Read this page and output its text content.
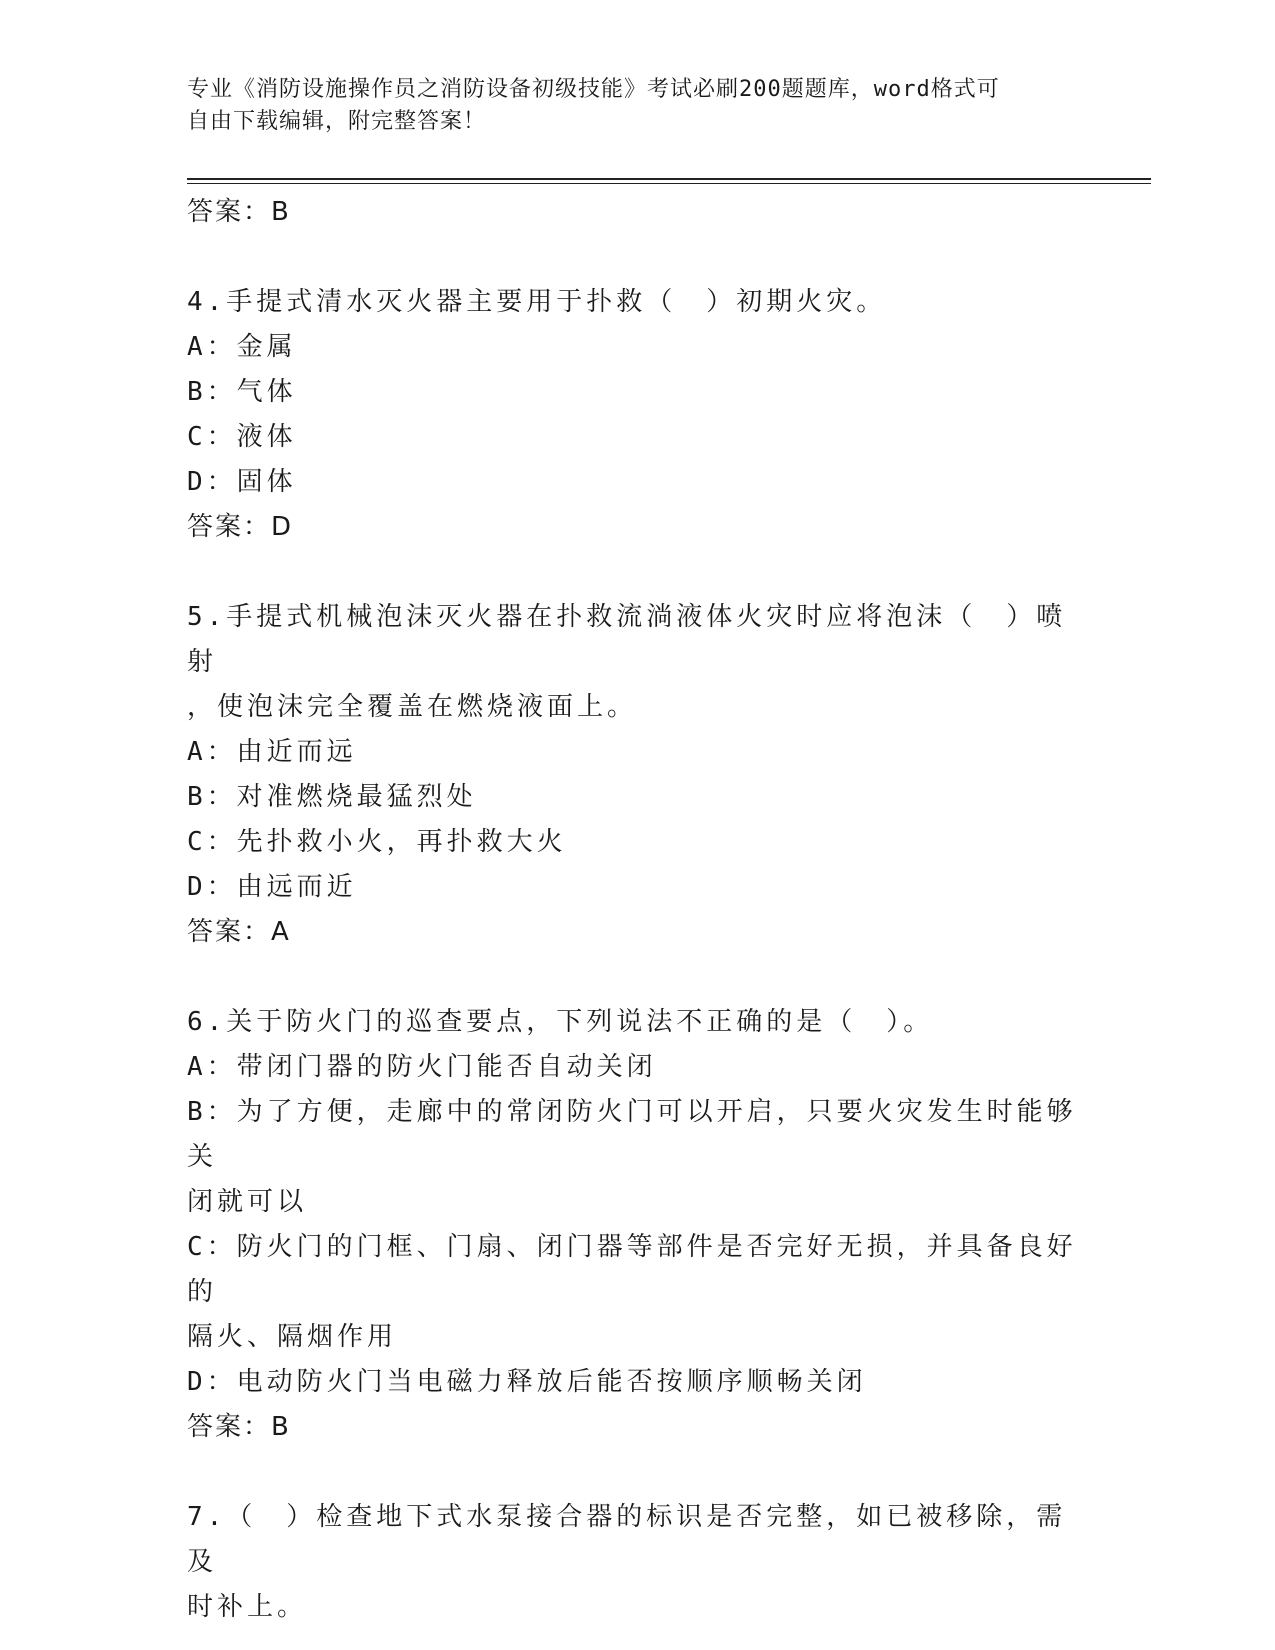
专业《消防设施操作员之消防设备初级技能》考试必刷200题题库，word格式可
自由下载编辑，附完整答案！
答案：B
4.手提式清水灭火器主要用于扑救（　）初期火灾。
A：金属
B：气体
C：液体
D：固体
答案：D
5.手提式机械泡沫灭火器在扑救流淌液体火灾时应将泡沫（　）喷射
，使泡沫完全覆盖在燃烧液面上。
A：由近而远
B：对准燃烧最猛烈处
C：先扑救小火，再扑救大火
D：由远而近
答案：A
6.关于防火门的巡查要点，下列说法不正确的是（　）。
A：带闭门器的防火门能否自动关闭
B：为了方便，走廊中的常闭防火门可以开启，只要火灾发生时能够关
闭就可以
C：防火门的门框、门扇、闭门器等部件是否完好无损，并具备良好的
隔火、隔烟作用
D：电动防火门当电磁力释放后能否按顺序顺畅关闭
答案：B
7.（　）检查地下式水泵接合器的标识是否完整，如已被移除，需及
时补上。
